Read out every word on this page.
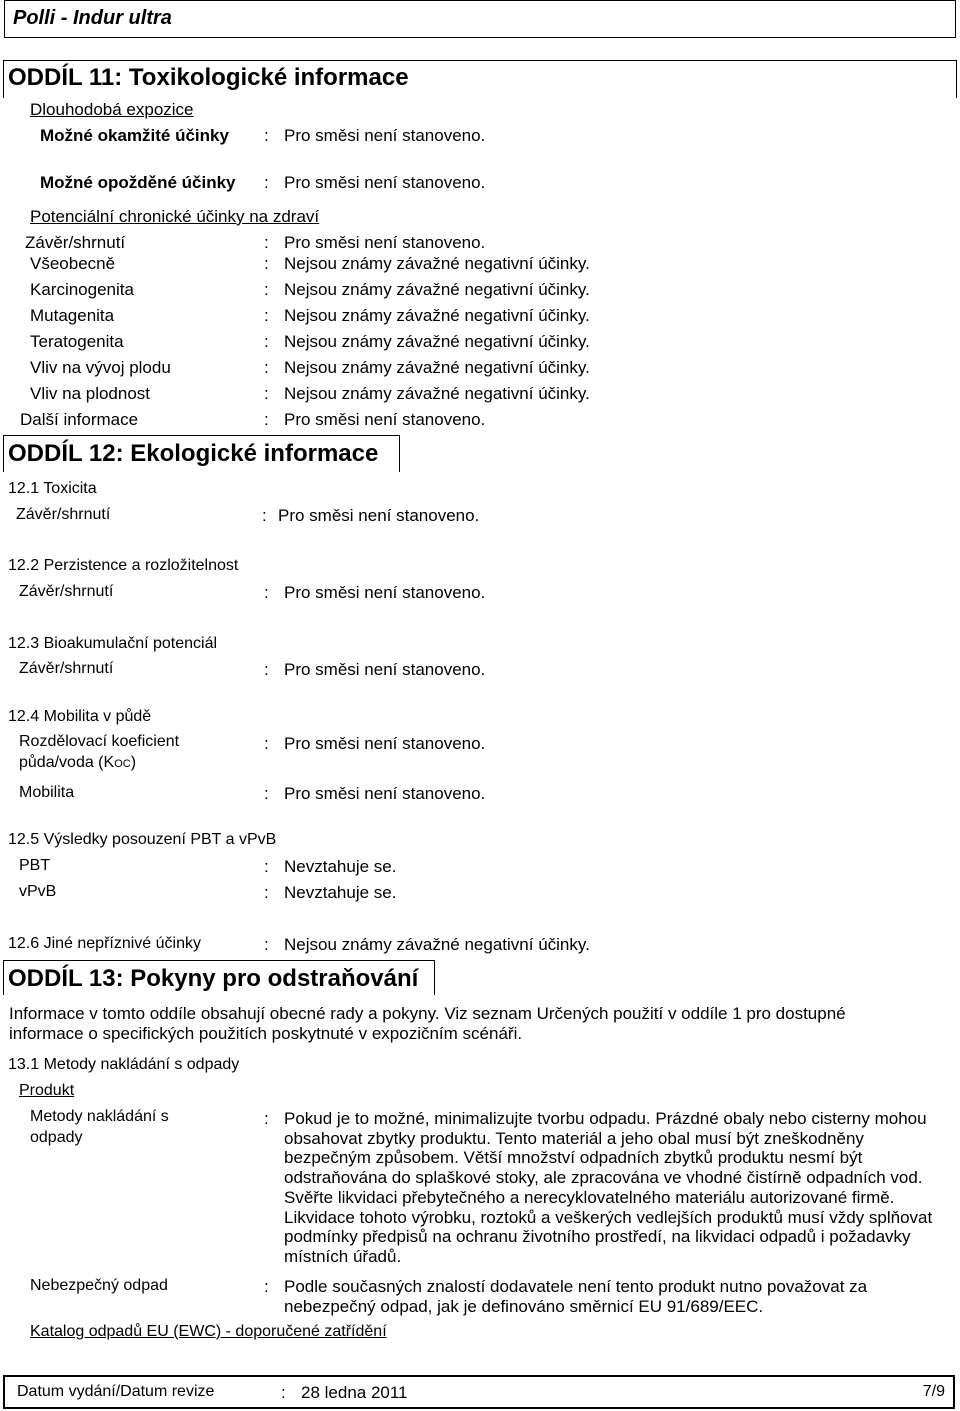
Polli - Indur ultra
ODDÍL 11: Toxikologické informace
Dlouhodobá expozice
Možné okamžité účinky : Pro směsi není stanoveno.
Možné opožděné účinky : Pro směsi není stanoveno.
Potenciální chronické účinky na zdraví
Závěr/shrnutí	: Pro směsi není stanoveno.
Všeobecně	: Nejsou známy závažné negativní účinky.
Karcinogenita	: Nejsou známy závažné negativní účinky.
Mutagenita	: Nejsou známy závažné negativní účinky.
Teratogenita	: Nejsou známy závažné negativní účinky.
Vliv na vývoj plodu	: Nejsou známy závažné negativní účinky.
Vliv na plodnost	: Nejsou známy závažné negativní účinky.
Další informace	: Pro směsi není stanoveno.
ODDÍL 12: Ekologické informace
12.1 Toxicita
Závěr/shrnutí	: Pro směsi není stanoveno.
12.2 Perzistence a rozložitelnost
Závěr/shrnutí	: Pro směsi není stanoveno.
12.3 Bioakumulační potenciál
Závěr/shrnutí	: Pro směsi není stanoveno.
12.4 Mobilita v půdě
Rozdělovací koeficient
půda/voda (KOC)
: Pro směsi není stanoveno.
Mobilita	: Pro směsi není stanoveno.
12.5 Výsledky posouzení PBT a vPvB
PBT	: Nevztahuje se.
vPvB	: Nevztahuje se.
12.6 Jiné nepříznivé účinky	: Nejsou známy závažné negativní účinky.
ODDÍL 13: Pokyny pro odstraňování
Informace v tomto oddíle obsahují obecné rady a pokyny. Viz seznam Určených použití v oddíle 1 pro dostupné informace o specifických použitích poskytnuté v expozičním scénáři.
13.1 Metody nakládání s odpady
Produkt
Metody nakládání s
odpady
: Pokud je to možné, minimalizujte tvorbu odpadu. Prázdné obaly nebo cisterny mohou obsahovat zbytky produktu. Tento materiál a jeho obal musí být zneškodněny bezpečným způsobem. Větší množství odpadních zbytků produktu nesmí být odstraňována do splaškové stoky, ale zpracována ve vhodné čistírně odpadních vod. Svěřte likvidaci přebytečného a nerecyklovatelného materiálu autorizované firmě. Likvidace tohoto výrobku, roztoků a veškerých vedlejších produktů musí vždy splňovat podmínky předpisů na ochranu životního prostředí, na likvidaci odpadů i požadavky místních úřadů.
Nebezpečný odpad	: Podle současných znalostí dodavatele není tento produkt nutno považovat za nebezpečný odpad, jak je definováno směrnicí EU 91/689/EEC.
Katalog odpadů EU (EWC) - doporučené zatřídění
Datum vydání/Datum revize	: 28 ledna 2011	7/9
